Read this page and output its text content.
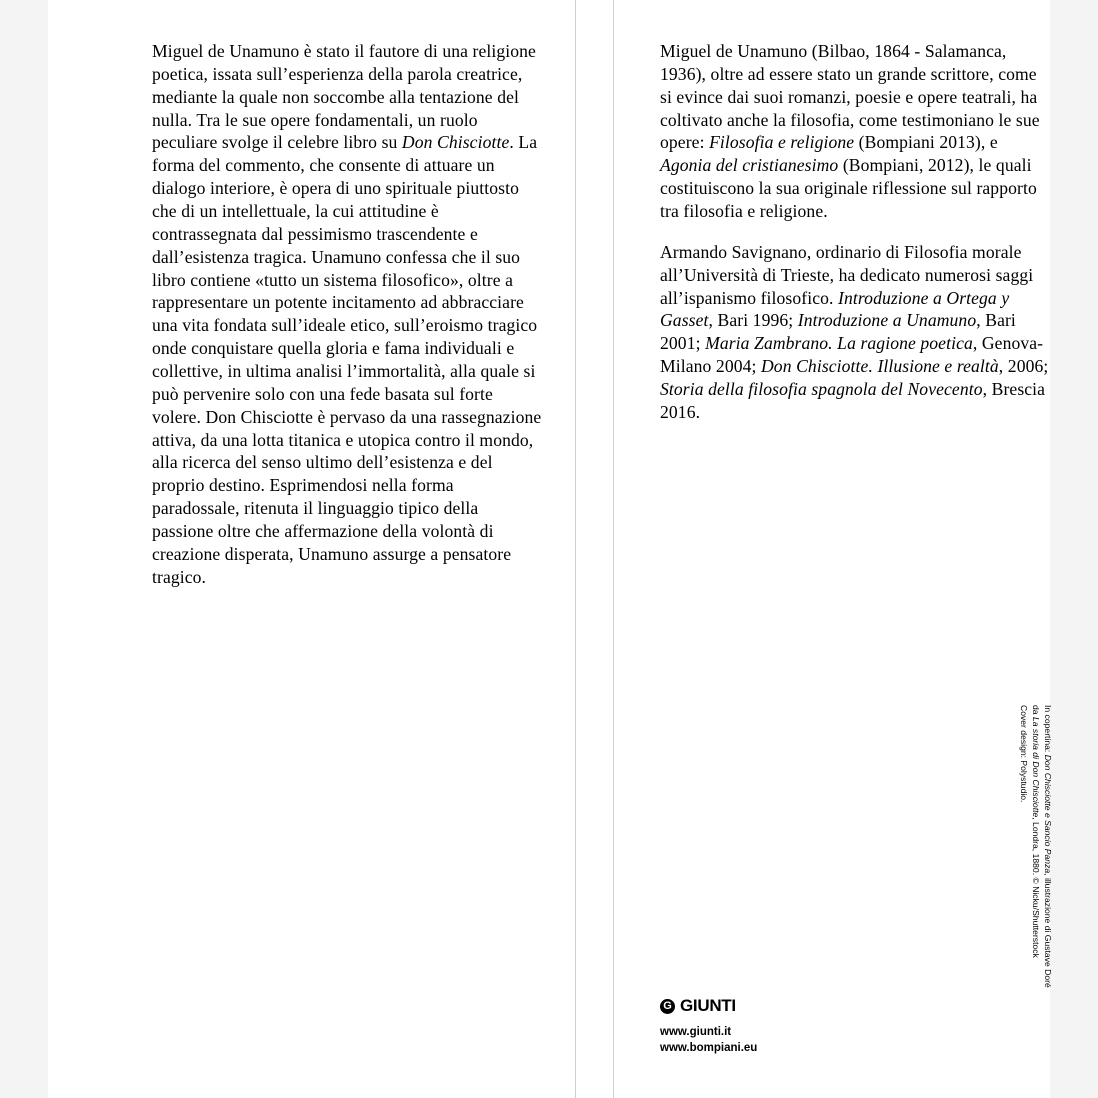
Miguel de Unamuno è stato il fautore di una religione poetica, issata sull’esperienza della parola creatrice, mediante la quale non soccombe alla tentazione del nulla. Tra le sue opere fondamentali, un ruolo peculiare svolge il celebre libro su Don Chisciotte. La forma del commento, che consente di attuare un dialogo interiore, è opera di uno spirituale piuttosto che di un intellettuale, la cui attitudine è contrassegnata dal pessimismo trascendente e dall’esistenza tragica. Unamuno confessa che il suo libro contiene «tutto un sistema filosofico», oltre a rappresentare un potente incitamento ad abbracciare una vita fondata sull’ideale etico, sull’eroismo tragico onde conquistare quella gloria e fama individuali e collettive, in ultima analisi l’immortalità, alla quale si può pervenire solo con una fede basata sul forte volere. Don Chisciotte è pervaso da una rassegnazione attiva, da una lotta titanica e utopica contro il mondo, alla ricerca del senso ultimo dell’esistenza e del proprio destino. Esprimendosi nella forma paradossale, ritenuta il linguaggio tipico della passione oltre che affermazione della volontà di creazione disperata, Unamuno assurge a pensatore tragico.

Miguel de Unamuno (Bilbao, 1864 - Salamanca, 1936), oltre ad essere stato un grande scrittore, come si evince dai suoi romanzi, poesie e opere teatrali, ha coltivato anche la filosofia, come testimoniano le sue opere: Filosofia e religione (Bompiani 2013), e Agonia del cristianesimo (Bompiani, 2012), le quali costituiscono la sua originale riflessione sul rapporto tra filosofia e religione.

Armando Savignano, ordinario di Filosofia morale all’Università di Trieste, ha dedicato numerosi saggi all’ispanismo filosofico. Introduzione a Ortega y Gasset, Bari 1996; Introduzione a Unamuno, Bari 2001; Maria Zambrano. La ragione poetica, Genova-Milano 2004; Don Chisciotte. Illusione e realtà, 2006; Storia della filosofia spagnola del Novecento, Brescia 2016.

G GIUNTI
www.giunti.it
www.bompiani.eu
In copertina: Don Chisciotte e Sancio Panza, illustrazione di Gustave Doré
da La storia di Don Chisciotte, Londra, 1880. © Nicku/Shutterstock
Cover design: Polystudio.
